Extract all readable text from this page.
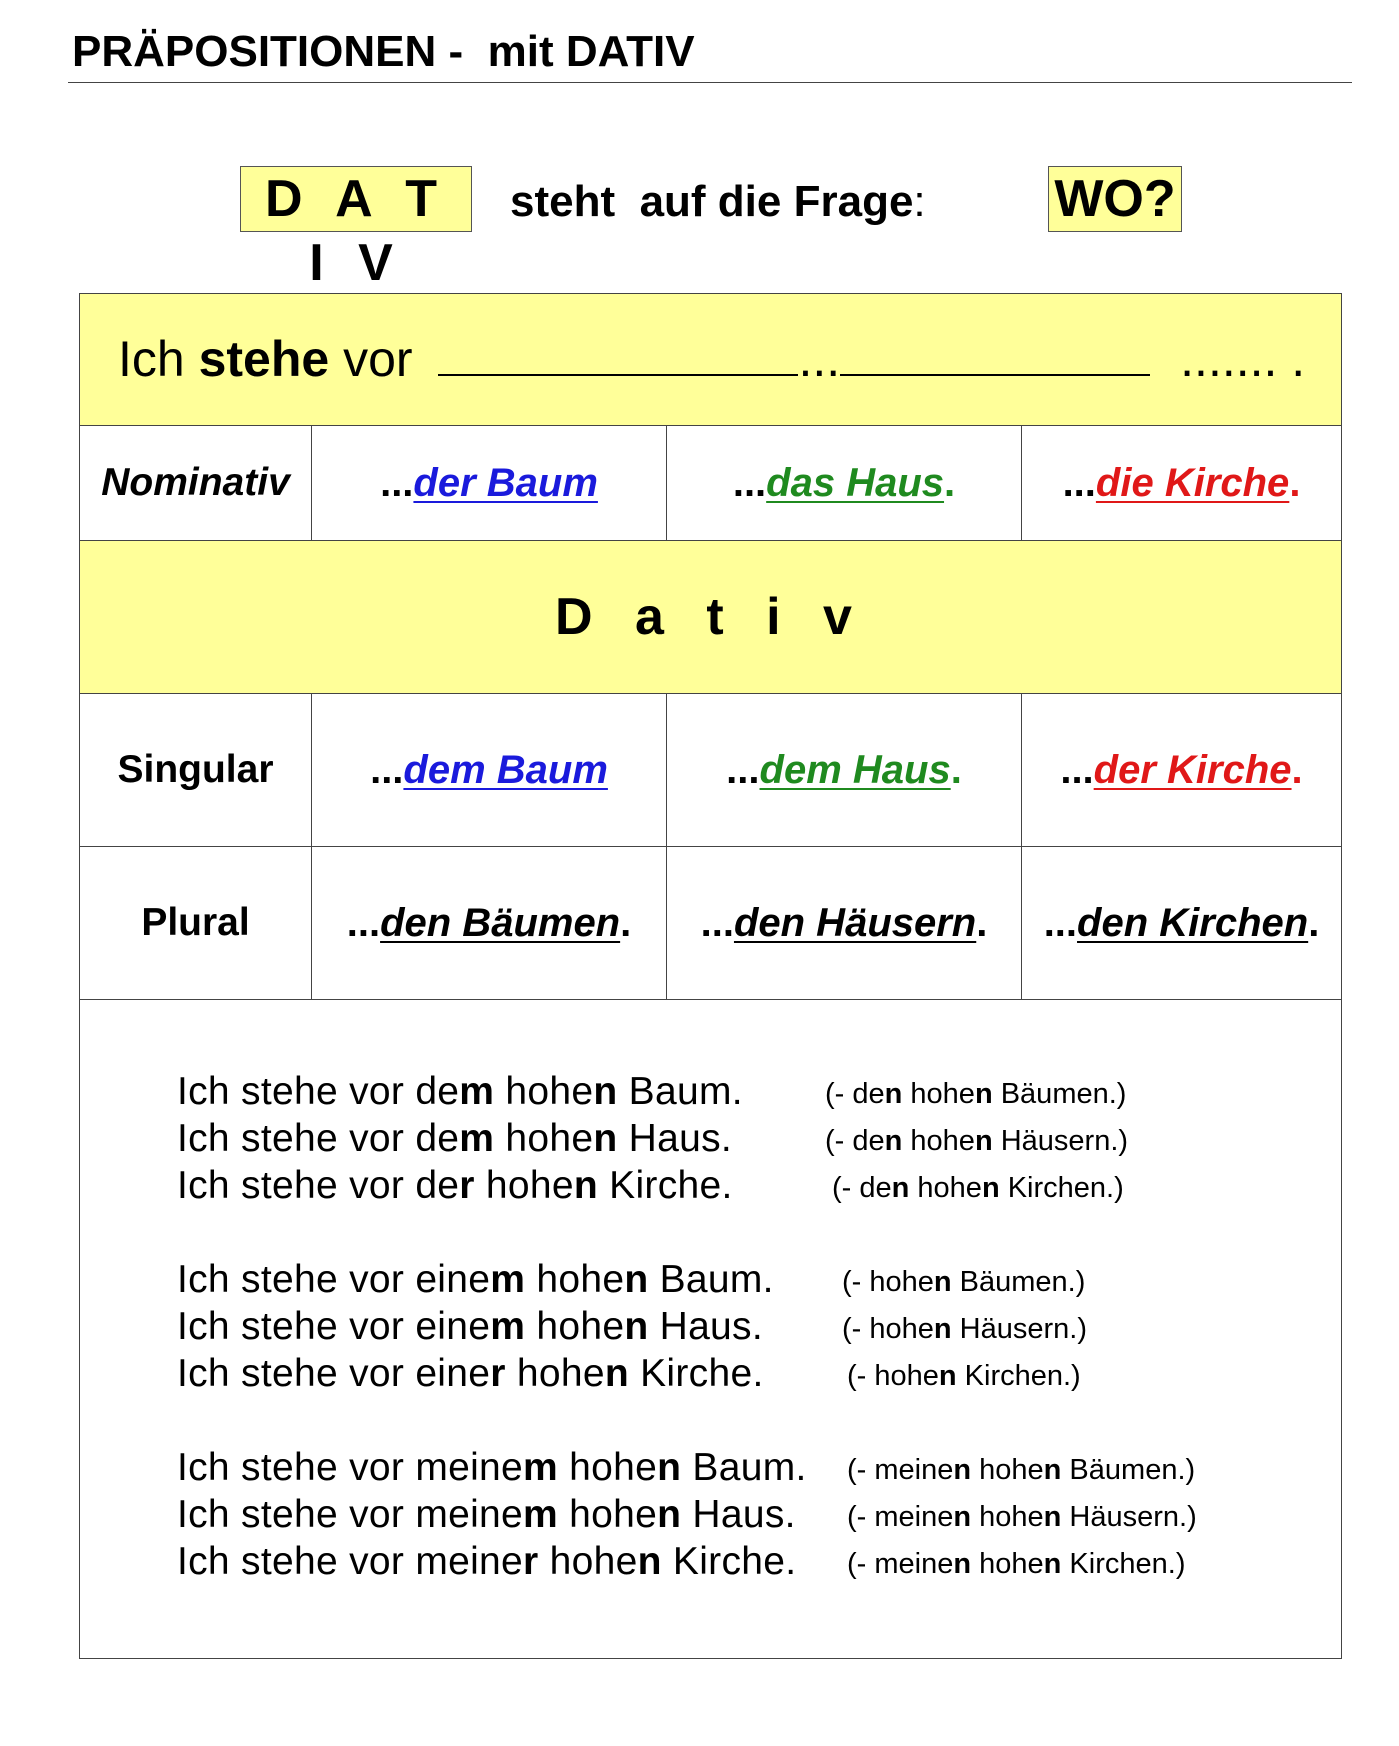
PRÄPOSITIONEN -  mit DATIV
D A T I V
steht  auf die Frage: WO?
Ich stehe vor	...	....... .
Nominativ ... der Baum	... das Haus .	... die Kirche .
D a t i v
Singular ... dem Baum	... dem Haus . ... der Kirche .
Plural ... den Bäumen . ... den Häusern . ... den Kirchen .

Ich stehe vor dem hohen Baum.

	(- den hohen Bäumen.)

Ich stehe vor dem hohen Haus.

	(- den hohen Häusern.)

Ich stehe vor der hohen Kirche.

	(- den hohen Kirchen.)

Ich stehe vor einem hohen Baum.

(- hohen Bäumen.)

Ich stehe vor einem hohen Haus.

	(- hohen Häusern.)

Ich stehe vor einer hohen Kirche.

	(- hohen Kirchen.)

Ich stehe vor meinem hohen Baum.

(- meinen hohen Bäumen.)

Ich stehe vor meinem hohen Haus.

(- meinen hohen Häusern.)

Ich stehe vor meiner hohen Kirche.

(- meinen hohen Kirchen.)
